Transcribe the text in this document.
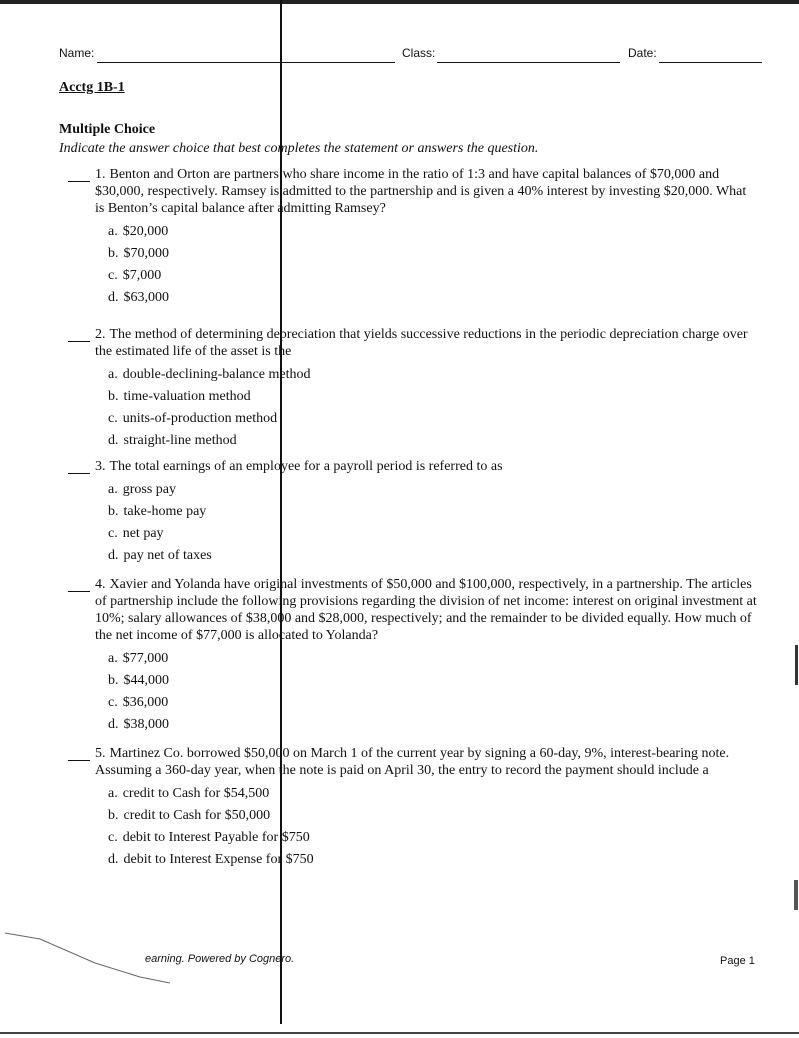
Name:	Class:	Date:
Acctg 1B-1
Multiple Choice
Indicate the answer choice that best completes the statement or answers the question.
1. Benton and Orton are partners who share income in the ratio of 1:3 and have capital balances of $70,000 and $30,000, respectively. Ramsey is admitted to the partnership and is given a 40% interest by investing $20,000. What is Benton’s capital balance after admitting Ramsey?
a. $20,000
b. $70,000
c. $7,000
d. $63,000
2. The method of determining depreciation that yields successive reductions in the periodic depreciation charge over the estimated life of the asset is the
a. double-declining-balance method
b. time-valuation method
c. units-of-production method
d. straight-line method
3. The total earnings of an employee for a payroll period is referred to as
a. gross pay
b. take-home pay
c. net pay
d. pay net of taxes
4. Xavier and Yolanda have original investments of $50,000 and $100,000, respectively, in a partnership. The articles of partnership include the following provisions regarding the division of net income: interest on original investment at 10%; salary allowances of $38,000 and $28,000, respectively; and the remainder to be divided equally. How much of the net income of $77,000 is allocated to Yolanda?
a. $77,000
b. $44,000
c. $36,000
d. $38,000
5. Martinez Co. borrowed $50,000 on March 1 of the current year by signing a 60-day, 9%, interest-bearing note. Assuming a 360-day year, when the note is paid on April 30, the entry to record the payment should include a
a. credit to Cash for $54,500
b. credit to Cash for $50,000
c. debit to Interest Payable for $750
d. debit to Interest Expense for $750
earning. Powered by Cognero.	Page 1
